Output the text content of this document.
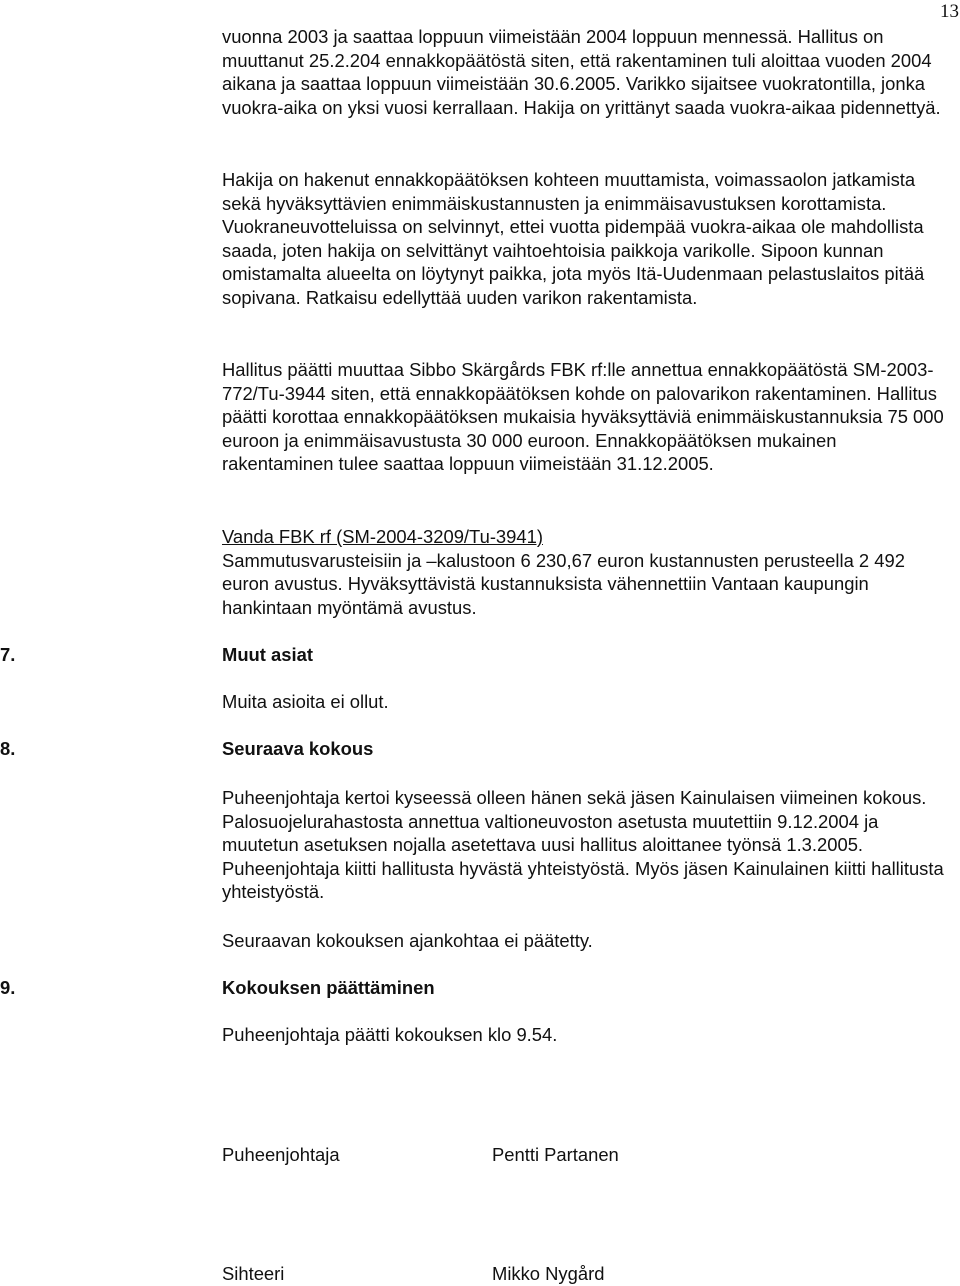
13

vuonna 2003 ja saattaa loppuun viimeistään 2004 loppuun mennessä. Hallitus on muuttanut 25.2.204 ennakkopäätöstä siten, että rakentaminen tuli aloittaa vuoden 2004 aikana ja saattaa loppuun viimeistään 30.6.2005. Varikko sijaitsee vuokratontilla, jonka vuokra-aika on yksi vuosi kerrallaan. Hakija on yrittänyt saada vuokra-aikaa pidennettyä.

Hakija on hakenut ennakkopäätöksen kohteen muuttamista, voimassaolon jatkamista sekä hyväksyttävien enimmäiskustannusten ja enimmäisavustuksen korottamista. Vuokraneuvotteluissa on selvinnyt, ettei vuotta pidempää vuokra-aikaa ole mahdollista saada, joten hakija on selvittänyt vaihtoehtoisia paikkoja varikolle. Sipoon kunnan omistamalta alueelta on löytynyt paikka, jota myös Itä-Uudenmaan pelastuslaitos pitää sopivana. Ratkaisu edellyttää uuden varikon rakentamista.

Hallitus päätti muuttaa Sibbo Skärgårds FBK rf:lle annettua ennakkopäätöstä SM-2003-772/Tu-3944 siten, että ennakkopäätöksen kohde on palovarikon rakentaminen. Hallitus päätti korottaa ennakkopäätöksen mukaisia hyväksyttäviä enimmäiskustannuksia 75 000 euroon ja enimmäisavustusta 30 000 euroon. Ennakkopäätöksen mukainen rakentaminen tulee saattaa loppuun viimeistään 31.12.2005.

Vanda FBK rf (SM-2004-3209/Tu-3941)

Sammutusvarusteisiin ja –kalustoon 6 230,67 euron kustannusten perusteella 2 492 euron avustus. Hyväksyttävistä kustannuksista vähennettiin Vantaan kaupungin hankintaan myöntämä avustus.

7.	Muut asiat

Muita asioita ei ollut.

8.	Seuraava kokous

Puheenjohtaja kertoi kyseessä olleen hänen sekä jäsen Kainulaisen viimeinen kokous. Palosuojelurahastosta annettua valtioneuvoston asetusta muutettiin 9.12.2004 ja muutetun asetuksen nojalla asetettava uusi hallitus aloittanee työnsä 1.3.2005. Puheenjohtaja kiitti hallitusta hyvästä yhteistyöstä. Myös jäsen Kainulainen kiitti hallitusta yhteistyöstä.

Seuraavan kokouksen ajankohtaa ei päätetty.

9.	Kokouksen päättäminen

Puheenjohtaja päätti kokouksen klo 9.54.

Puheenjohtaja	Pentti Partanen
Sihteeri	Mikko Nygård
